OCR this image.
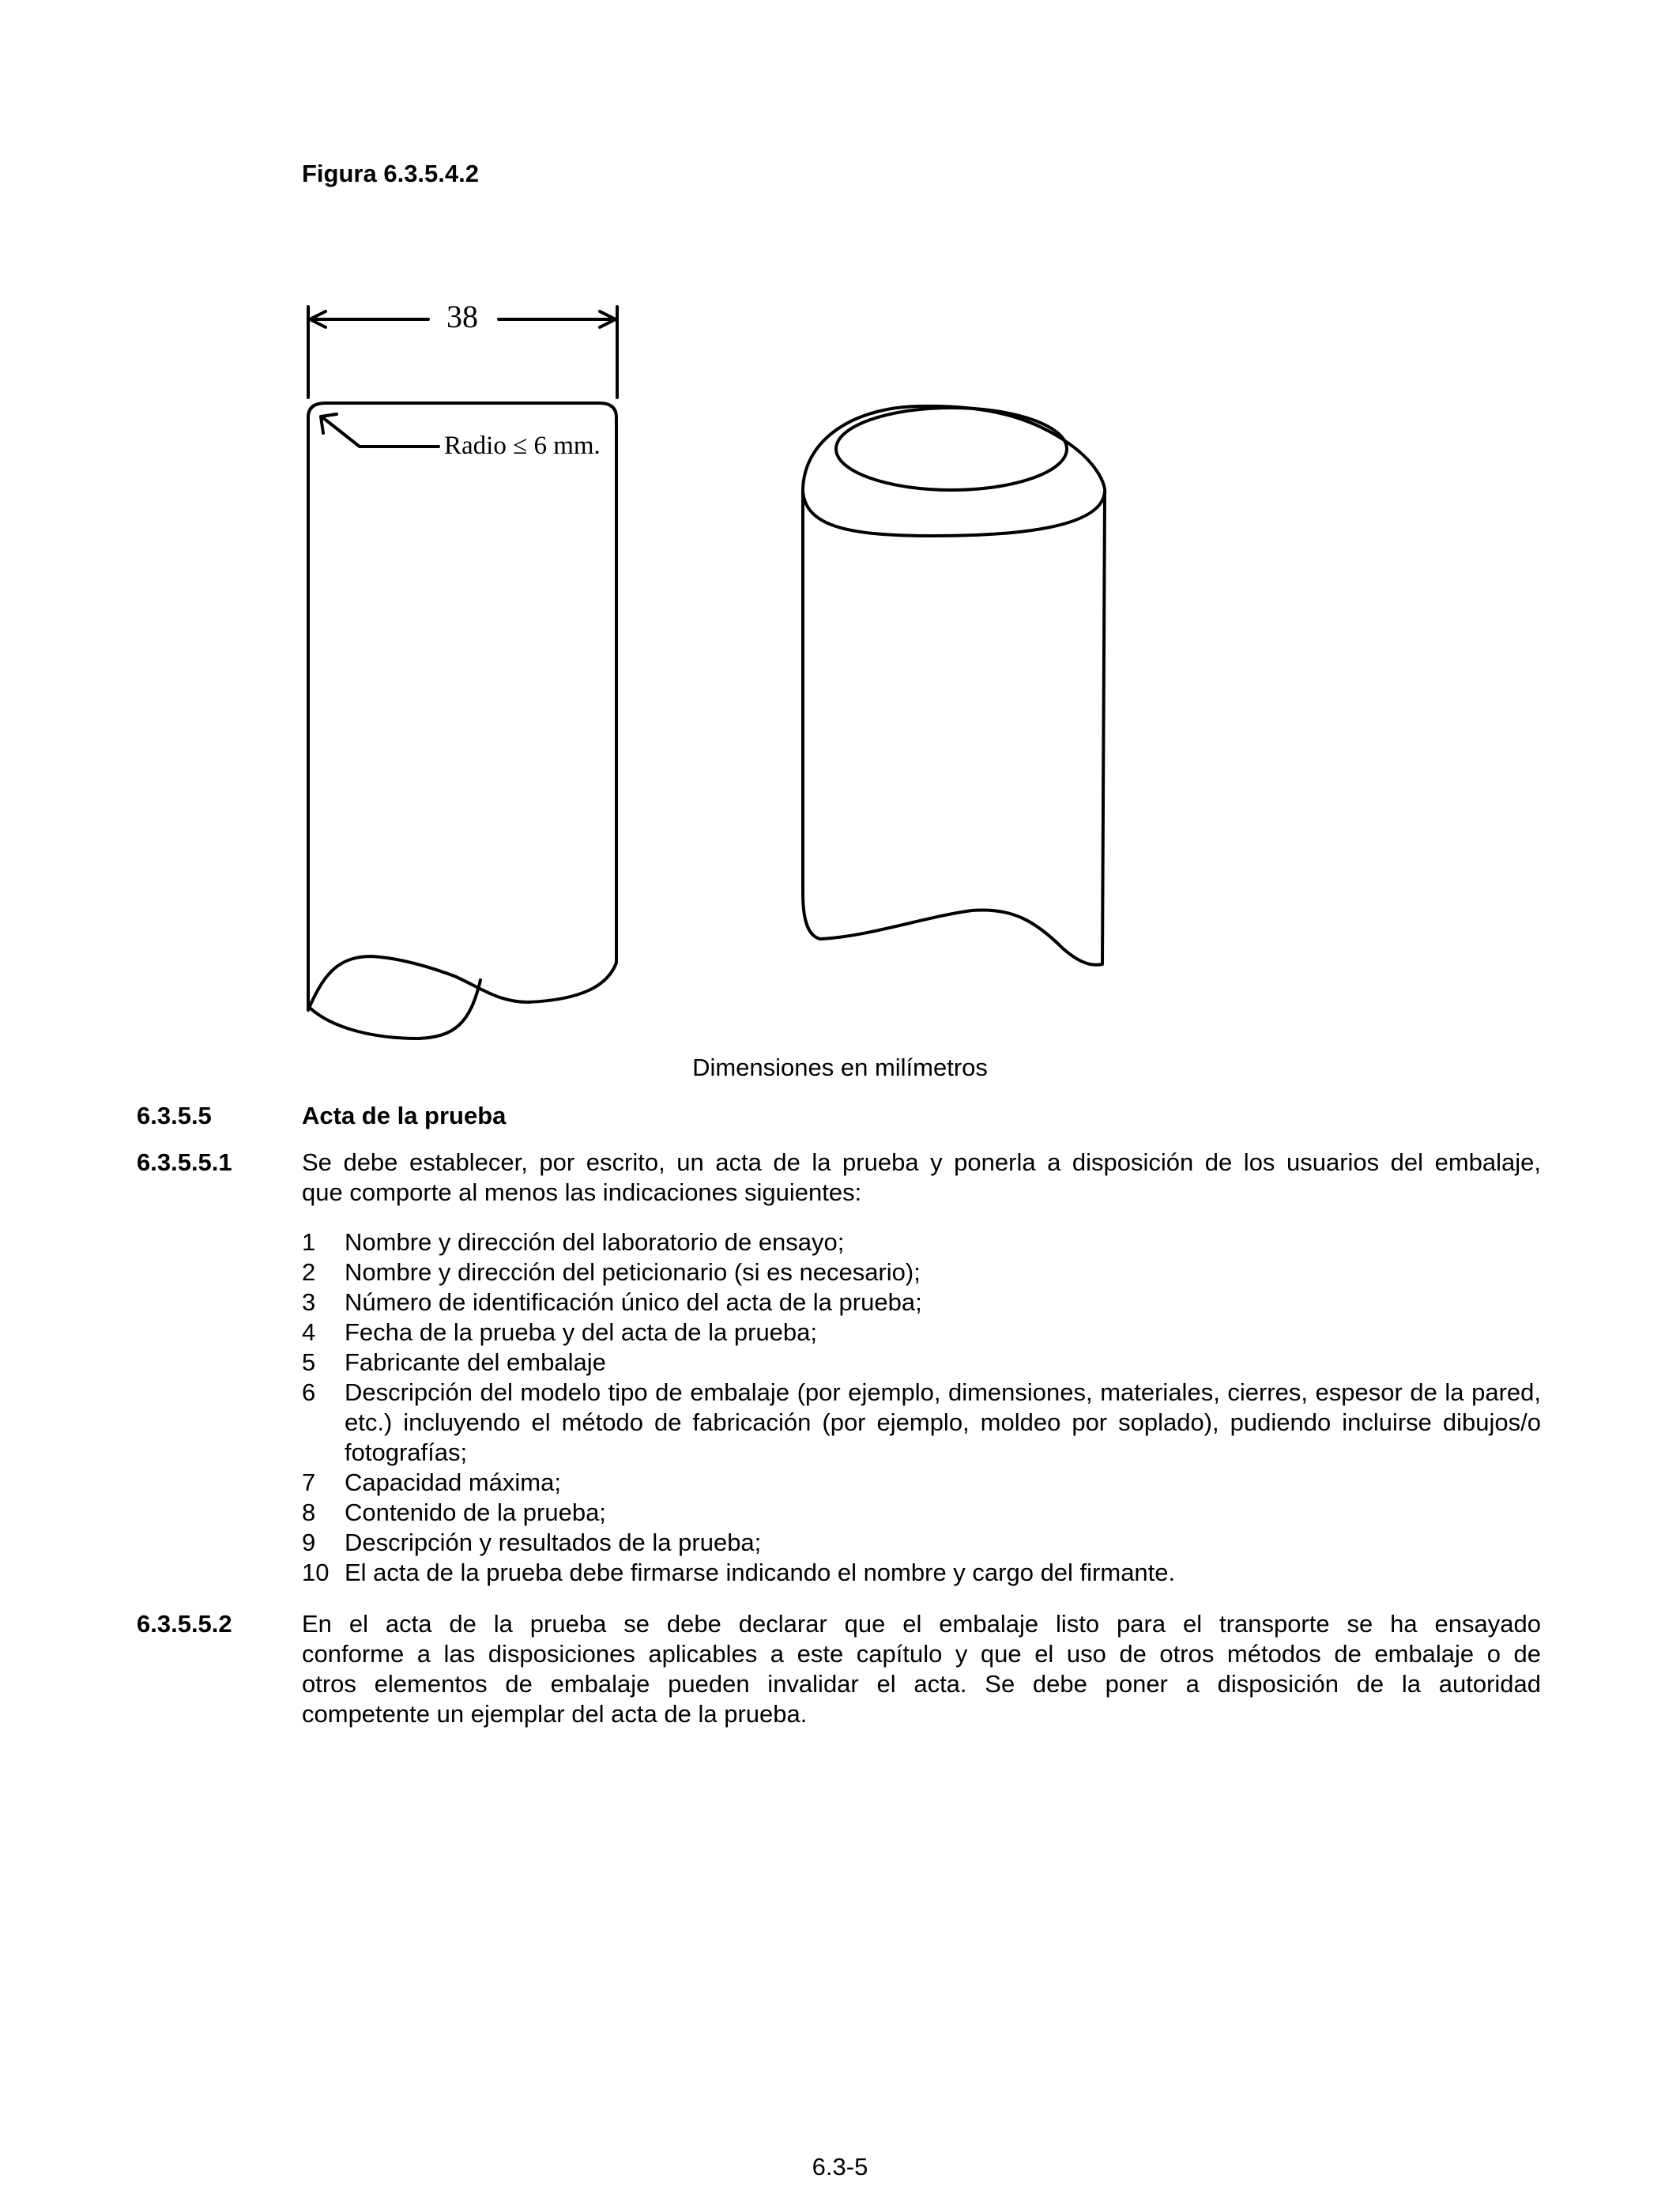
Figura 6.3.5.4.2
38
Radio ≤ 6 mm.
Dimensiones en milímetros
6.3.5.5	Acta de la prueba
6.3.5.5.1	Se debe establecer, por escrito, un acta de la prueba y ponerla a disposición de los usuarios del embalaje,
que comporte al menos las indicaciones siguientes:
1	Nombre y dirección del laboratorio de ensayo;
2	Nombre y dirección del peticionario (si es necesario);
3	Número de identificación único del acta de la prueba;
4	Fecha de la prueba y del acta de la prueba;
5	Fabricante del embalaje
6	Descripción del modelo tipo de embalaje (por ejemplo, dimensiones, materiales, cierres, espesor de la pared, etc.) incluyendo el método de fabricación (por ejemplo, moldeo por soplado), pudiendo incluirse dibujos/o fotografías;
7	Capacidad máxima;
8	Contenido de la prueba;
9	Descripción y resultados de la prueba;
10 El acta de la prueba debe firmarse indicando el nombre y cargo del firmante.
6.3.5.5.2	En el acta de la prueba se debe declarar que el embalaje listo para el transporte se ha ensayado
conforme a las disposiciones aplicables a este capítulo y que el uso de otros métodos de embalaje o de
otros elementos de embalaje pueden invalidar el acta. Se debe poner a disposición de la autoridad
competente un ejemplar del acta de la prueba.
6.3-5
